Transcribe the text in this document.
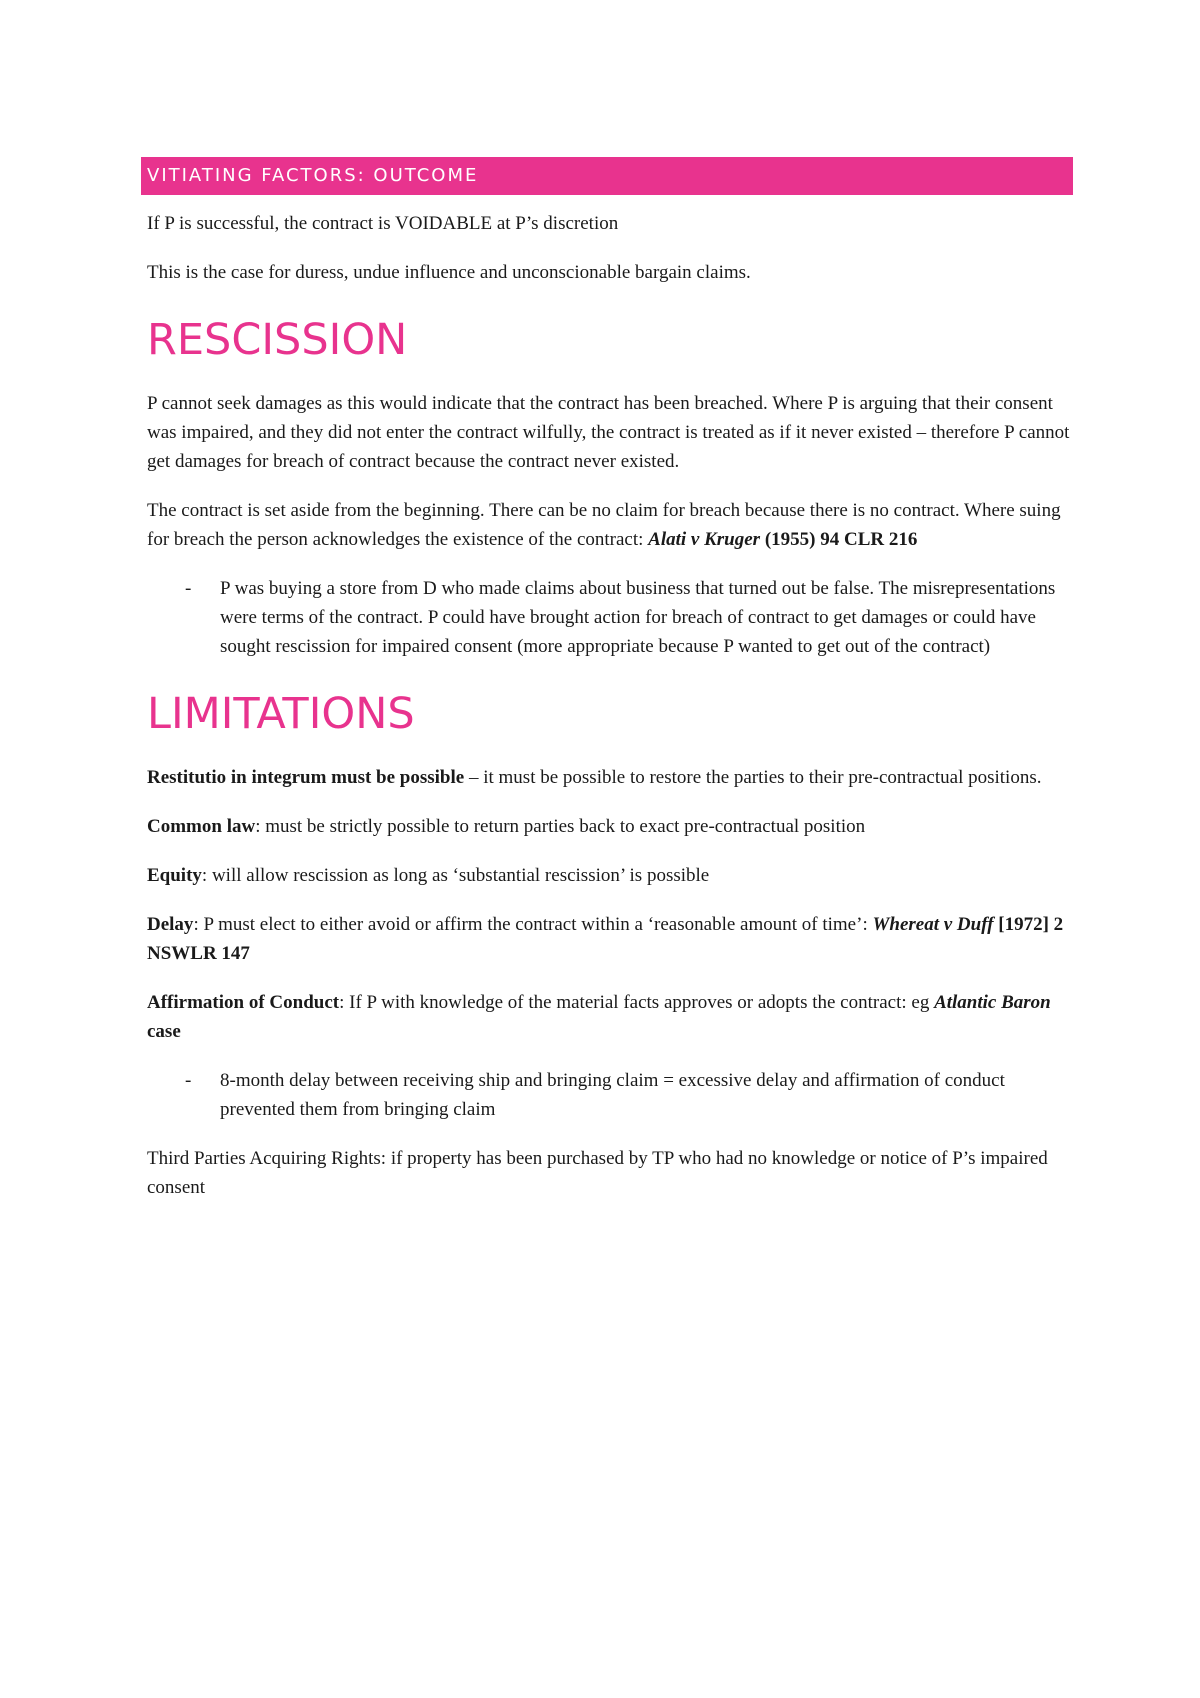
VITIATING FACTORS: OUTCOME

If P is successful, the contract is VOIDABLE at P’s discretion

This is the case for duress, undue influence and unconscionable bargain claims.

RESCISSION

P cannot seek damages as this would indicate that the contract has been breached. Where P is arguing that their consent was impaired, and they did not enter the contract wilfully, the contract is treated as if it never existed – therefore P cannot get damages for breach of contract because the contract never existed.

The contract is set aside from the beginning. There can be no claim for breach because there is no contract. Where suing for breach the person acknowledges the existence of the contract: Alati v Kruger (1955) 94 CLR 216

- P was buying a store from D who made claims about business that turned out be false. The misrepresentations were terms of the contract. P could have brought action for breach of contract to get damages or could have sought rescission for impaired consent (more appropriate because P wanted to get out of the contract)
LIMITATIONS

Restitutio in integrum must be possible – it must be possible to restore the parties to their pre-contractual positions.

Common law: must be strictly possible to return parties back to exact pre-contractual position

Equity: will allow rescission as long as ‘substantial rescission’ is possible

Delay: P must elect to either avoid or affirm the contract within a ‘reasonable amount of time’: Whereat v Duff [1972] 2 NSWLR 147

Affirmation of Conduct: If P with knowledge of the material facts approves or adopts the contract: eg Atlantic Baron case

- 8-month delay between receiving ship and bringing claim = excessive delay and affirmation of conduct prevented them from bringing claim

Third Parties Acquiring Rights: if property has been purchased by TP who had no knowledge or notice of P’s impaired consent
